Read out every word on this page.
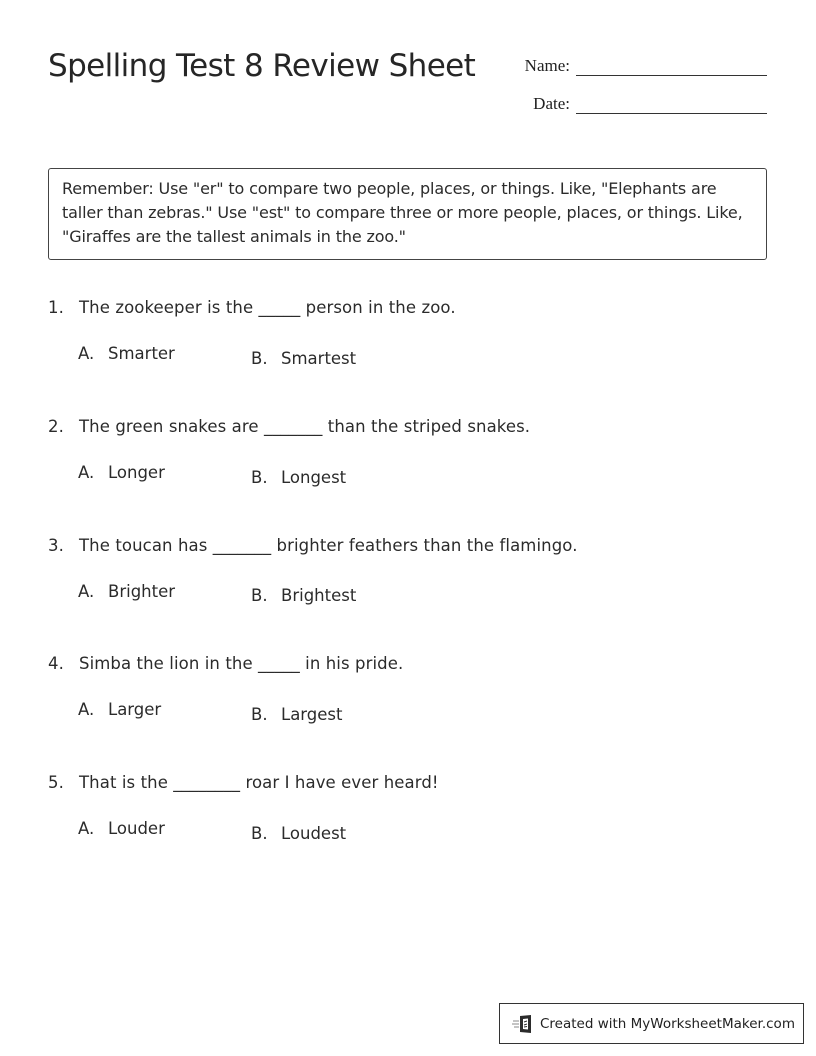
Spelling Test 8 Review Sheet	Name:
Date:
Remember: Use "er" to compare two people, places, or things. Like, "Elephants are taller than zebras." Use "est" to compare three or more people, places, or things. Like, "Giraffes are the tallest animals in the zoo."
1. The zookeeper is the _____ person in the zoo.
A. Smarter	B. Smartest
2. The green snakes are _______ than the striped snakes.
A. Longer	B. Longest
3. The toucan has _______ brighter feathers than the flamingo.
A. Brighter	B. Brightest
4. Simba the lion in the _____ in his pride.
A. Larger	B. Largest
5. That is the ________ roar I have ever heard!
A. Louder	B. Loudest
Created with MyWorksheetMaker.com
